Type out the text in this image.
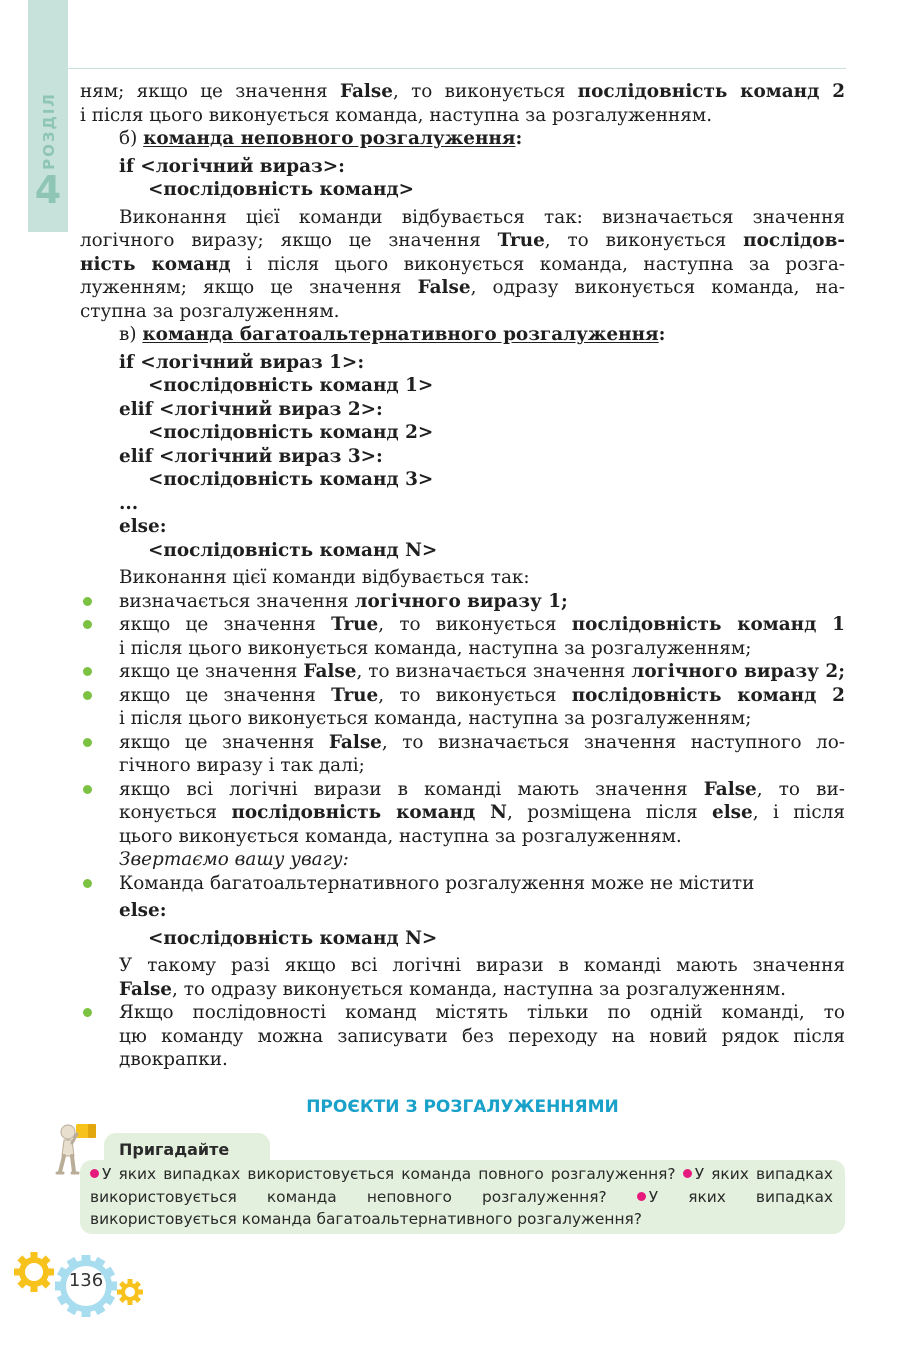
РОЗДІЛ
4

ням; якщо це значення False, то виконується послідовність команд 2

і після цього виконується команда, наступна за розгалуженням.

б) команда неповного розгалуження:

if <логічний вираз>:

<послідовність команд>

Виконання цієї команди відбувається так: визначається значення

логічного виразу; якщо це значення True, то виконується послідов-

ність команд і після цього виконується команда, наступна за розга-

луженням; якщо це значення False, одразу виконується команда, на-

ступна за розгалуженням.

в) команда багатоальтернативного розгалуження:

if <логічний вираз 1>:

<послідовність команд 1>

elif <логічний вираз 2>:

<послідовність команд 2>

elif <логічний вираз 3>:

<послідовність команд 3>

...

else:

<послідовність команд N>

Виконання цієї команди відбувається так:

визначається значення логічного виразу 1;

якщо це значення True, то виконується послідовність команд 1

і після цього виконується команда, наступна за розгалуженням;

якщо це значення False, то визначається значення логічного виразу 2;

якщо це значення True, то виконується послідовність команд 2

і після цього виконується команда, наступна за розгалуженням;

якщо це значення False, то визначається значення наступного ло-

гічного виразу і так далі;

якщо всі логічні вирази в команді мають значення False, то ви-

конується послідовність команд N, розміщена після else, і після

цього виконується команда, наступна за розгалуженням.

Звертаємо вашу увагу:

Команда багатоальтернативного розгалуження може не містити

else:

<послідовність команд N>

У такому разі якщо всі логічні вирази в команді мають значення

False, то одразу виконується команда, наступна за розгалуженням.

Якщо послідовності команд містять тільки по одній команді, то

цю команду можна записувати без переходу на новий рядок після

двокрапки.

ПРОЄКТИ З РОЗГАЛУЖЕННЯМИ
Пригадайте
У яких випадках використовується команда повного розгалуження? У яких випадках використовується команда неповного розгалуження?	У яких випадках використовується команда багатоальтернативного розгалуження?
136
